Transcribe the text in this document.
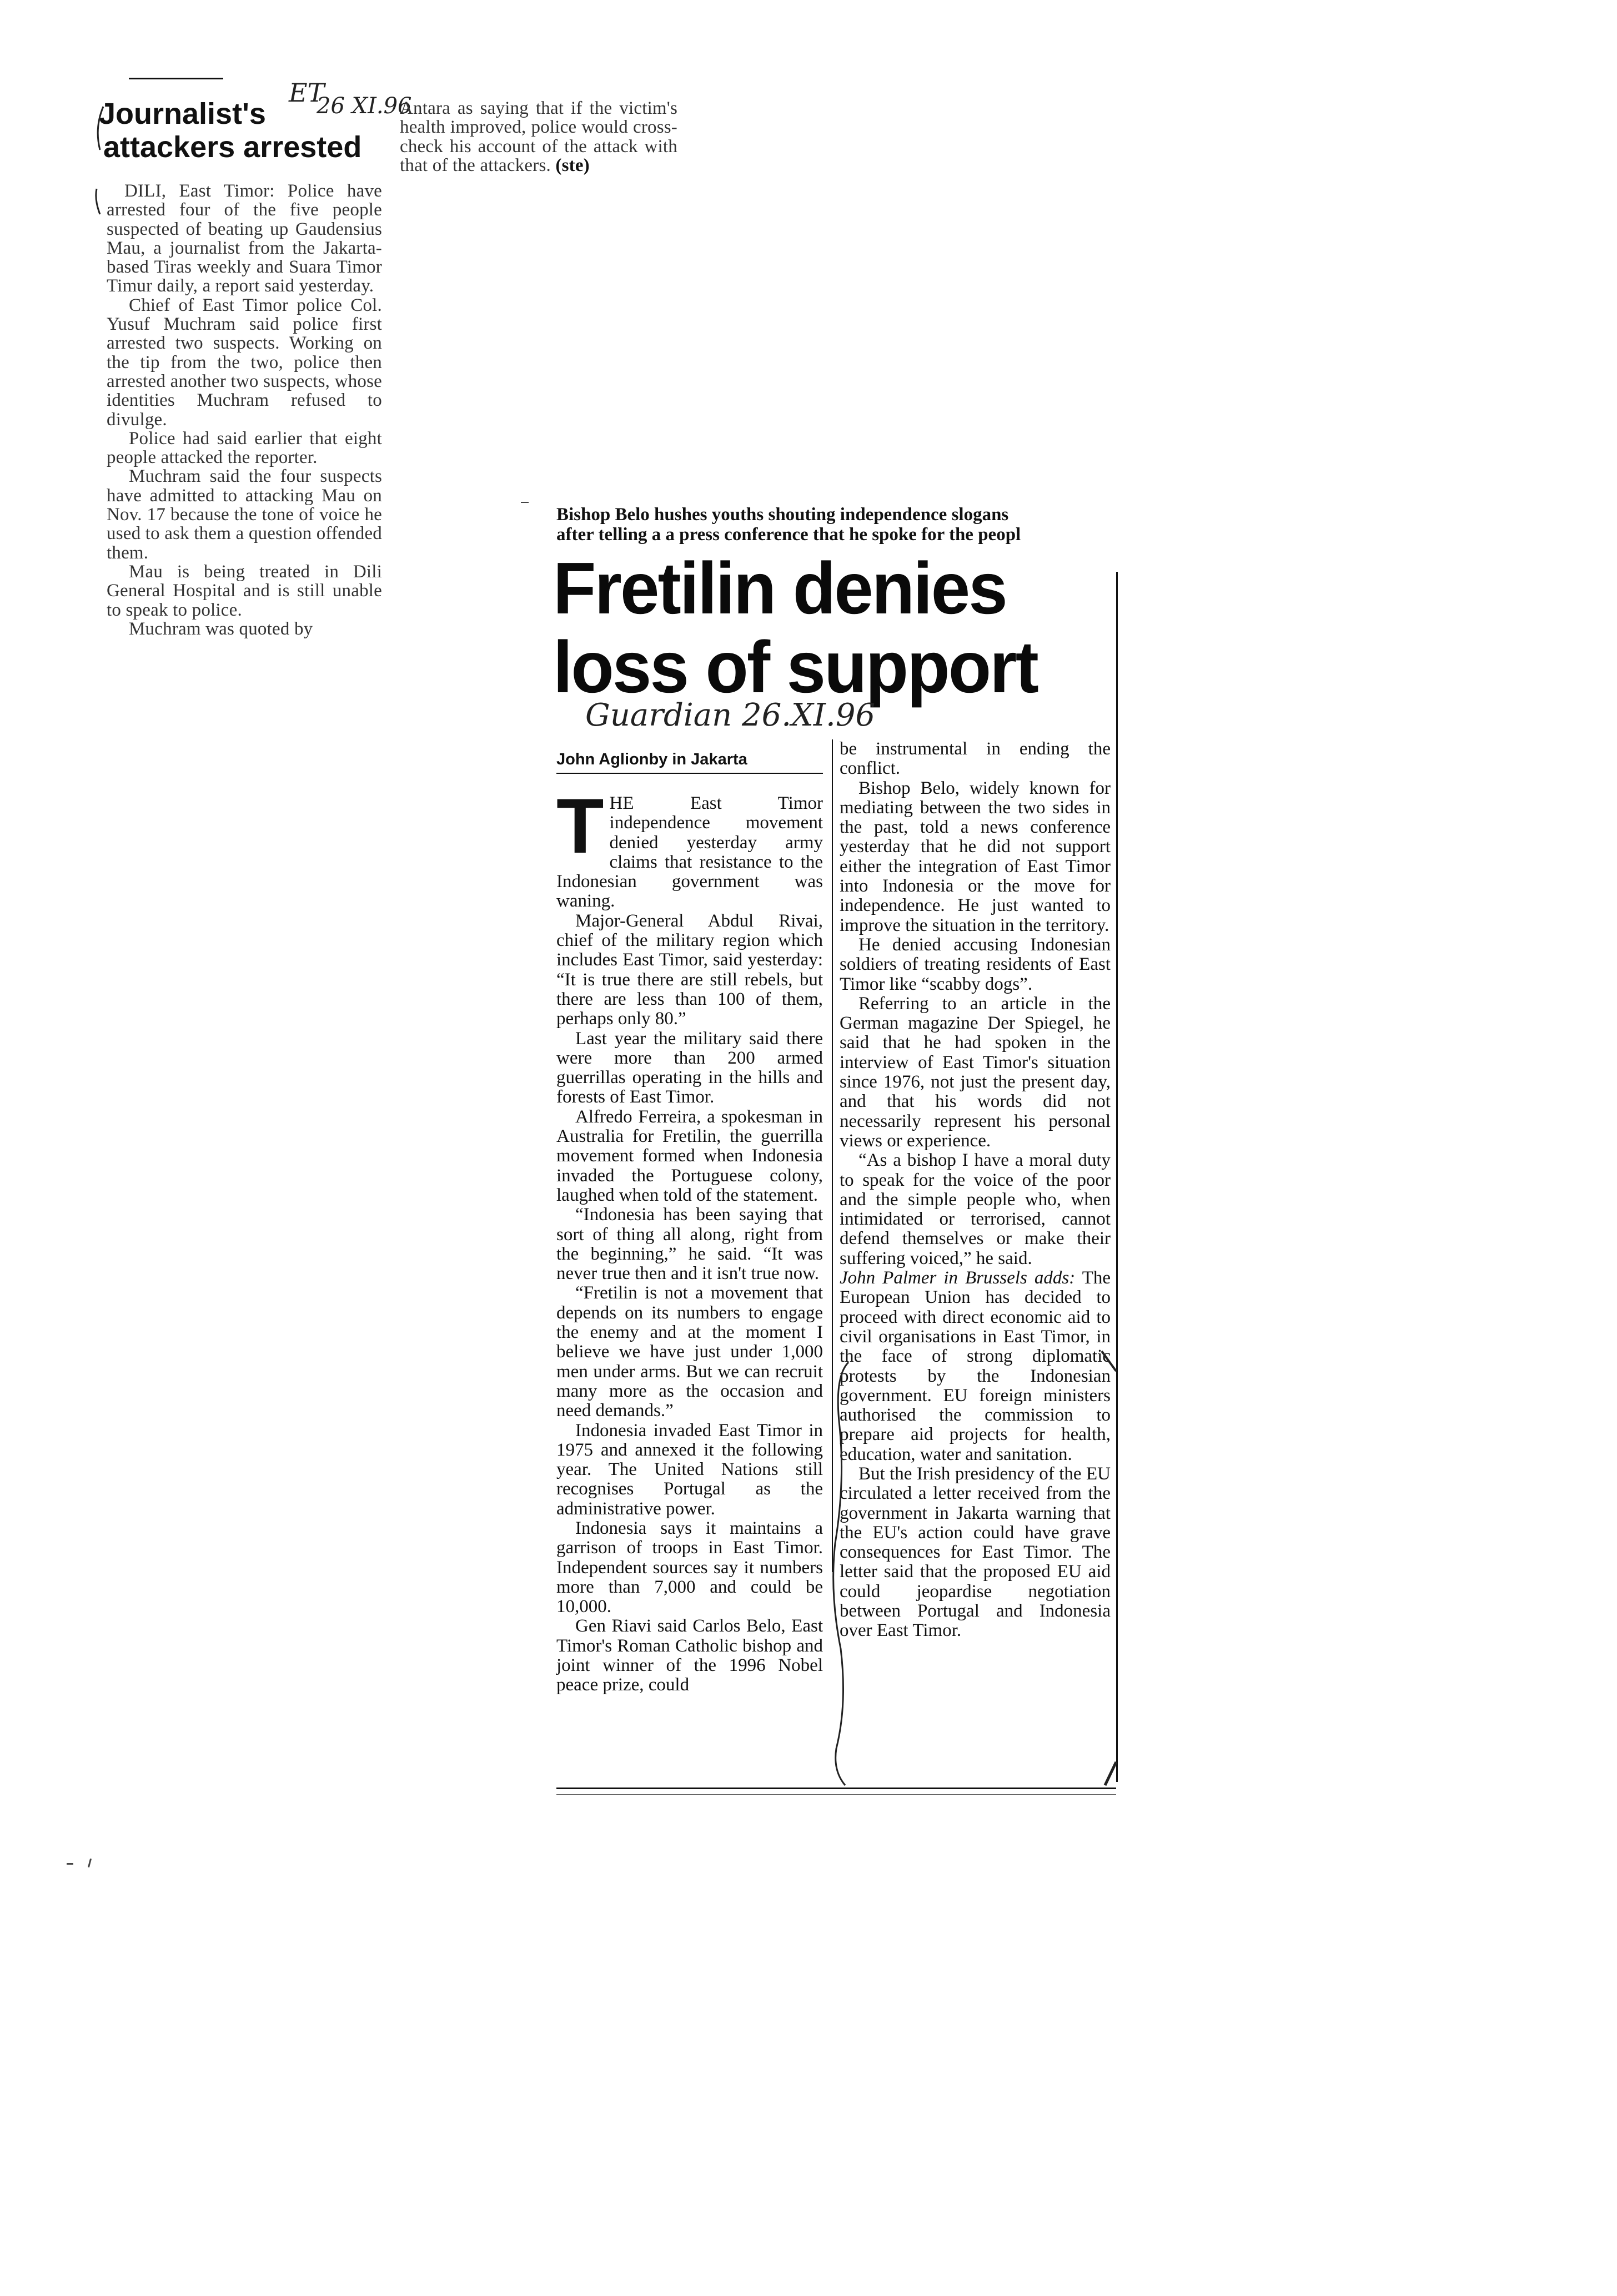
Journalist's
attackers arrested
ET
26 XI.96

DILI, East Timor: Police have arrested four of the five people suspected of beating up Gaudensius Mau, a journalist from the Jakarta-based Tiras weekly and Suara Timor Timur daily, a report said yesterday.

Chief of East Timor police Col. Yusuf Muchram said police first arrested two suspects. Working on the tip from the two, police then arrested another two suspects, whose identities Muchram refused to divulge.

Police had said earlier that eight people attacked the reporter.

Muchram said the four suspects have admitted to attacking Mau on Nov. 17 because the tone of voice he used to ask them a question offended them.

Mau is being treated in Dili General Hospital and is still unable to speak to police.

Muchram was quoted by

Antara as saying that if the victim's health improved, police would cross-check his account of the attack with that of the attackers. (ste)

Bishop Belo hushes youths shouting independence slogans
after telling a a press conference that he spoke for the peopl
Fretilin denies
loss of support
Guardian 26.XI.96
John Aglionby in Jakarta

THE East Timor independence movement denied yesterday army claims that resistance to the Indonesian government was waning.

Major-General Abdul Rivai, chief of the military region which includes East Timor, said yesterday: “It is true there are still rebels, but there are less than 100 of them, perhaps only 80.”

Last year the military said there were more than 200 armed guerrillas operating in the hills and forests of East Timor.

Alfredo Ferreira, a spokesman in Australia for Fretilin, the guerrilla movement formed when Indonesia invaded the Portuguese colony, laughed when told of the statement.

“Indonesia has been saying that sort of thing all along, right from the beginning,” he said. “It was never true then and it isn't true now.

“Fretilin is not a movement that depends on its numbers to engage the enemy and at the moment I believe we have just under 1,000 men under arms. But we can recruit many more as the occasion and need demands.”

Indonesia invaded East Timor in 1975 and annexed it the following year. The United Nations still recognises Portugal as the administrative power.

Indonesia says it maintains a garrison of troops in East Timor. Independent sources say it numbers more than 7,000 and could be 10,000.

Gen Riavi said Carlos Belo, East Timor's Roman Catholic bishop and joint winner of the 1996 Nobel peace prize, could

be instrumental in ending the conflict.

Bishop Belo, widely known for mediating between the two sides in the past, told a news conference yesterday that he did not support either the integration of East Timor into Indonesia or the move for independence. He just wanted to improve the situation in the territory.

He denied accusing Indonesian soldiers of treating residents of East Timor like “scabby dogs”.

Referring to an article in the German magazine Der Spiegel, he said that he had spoken in the interview of East Timor's situation since 1976, not just the present day, and that his words did not necessarily represent his personal views or experience.

“As a bishop I have a moral duty to speak for the voice of the poor and the simple people who, when intimidated or terrorised, cannot defend themselves or make their suffering voiced,” he said.

John Palmer in Brussels adds: The European Union has decided to proceed with direct economic aid to civil organisations in East Timor, in the face of strong diplomatic protests by the Indonesian government. EU foreign ministers authorised the commission to prepare aid projects for health, education, water and sanitation.

But the Irish presidency of the EU circulated a letter received from the government in Jakarta warning that the EU's action could have grave consequences for East Timor. The letter said that the proposed EU aid could jeopardise negotiation between Portugal and Indonesia over East Timor.
